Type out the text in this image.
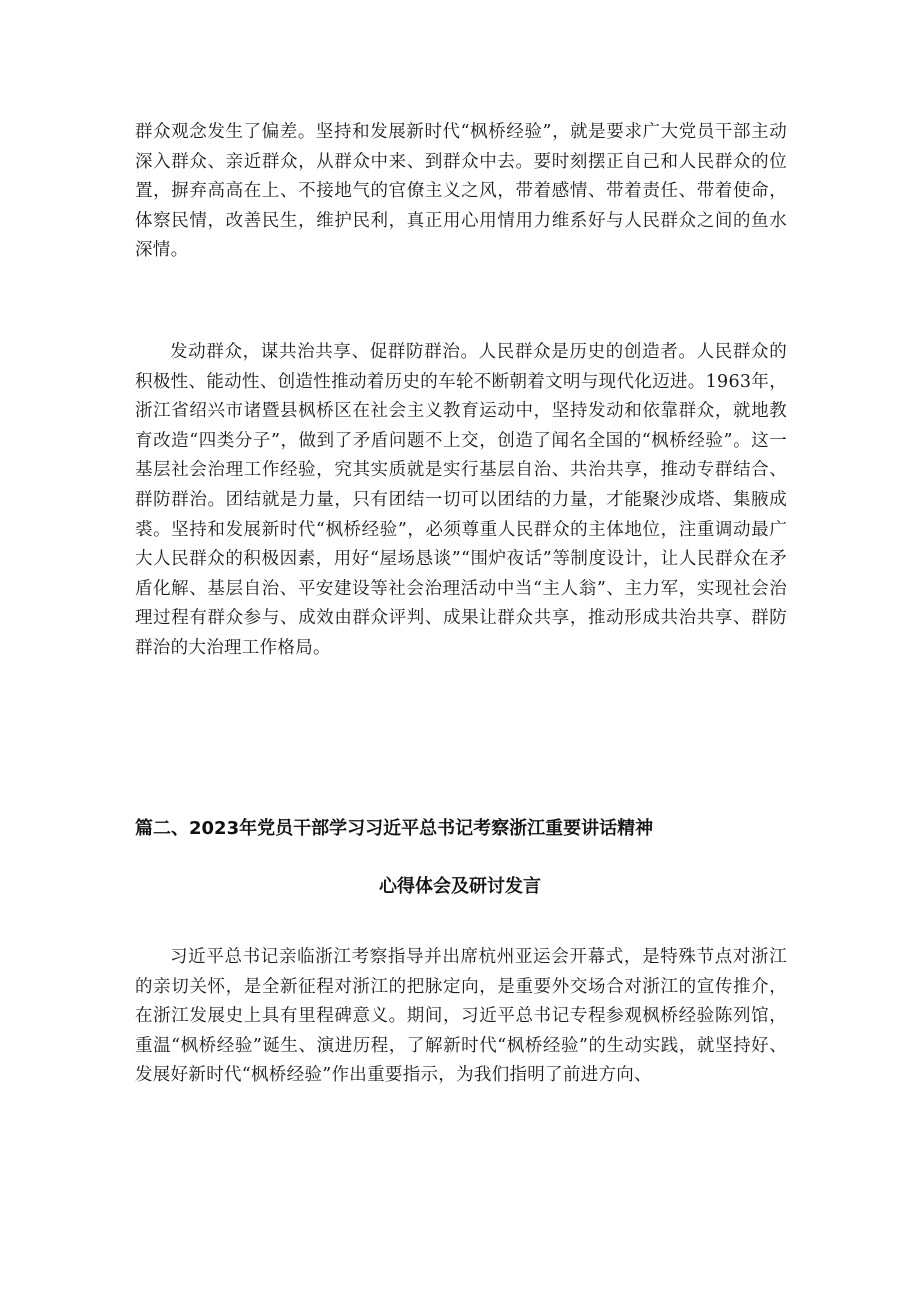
群众观念发生了偏差。坚持和发展新时代“枫桥经验”，就是要求广大党员干部主动深入群众、亲近群众，从群众中来、到群众中去。要时刻摆正自己和人民群众的位置，摒弃高高在上、不接地气的官僚主义之风，带着感情、带着责任、带着使命，体察民情，改善民生，维护民利，真正用心用情用力维系好与人民群众之间的鱼水深情。

发动群众，谋共治共享、促群防群治。人民群众是历史的创造者。人民群众的积极性、能动性、创造性推动着历史的车轮不断朝着文明与现代化迈进。1963年，浙江省绍兴市诸暨县枫桥区在社会主义教育运动中，坚持发动和依靠群众，就地教育改造“四类分子”，做到了矛盾问题不上交，创造了闻名全国的“枫桥经验”。这一基层社会治理工作经验，究其实质就是实行基层自治、共治共享，推动专群结合、群防群治。团结就是力量，只有团结一切可以团结的力量，才能聚沙成塔、集腋成裘。坚持和发展新时代“枫桥经验”，必须尊重人民群众的主体地位，注重调动最广大人民群众的积极因素，用好“屋场恳谈”“围炉夜话”等制度设计，让人民群众在矛盾化解、基层自治、平安建设等社会治理活动中当“主人翁”、主力军，实现社会治理过程有群众参与、成效由群众评判、成果让群众共享，推动形成共治共享、群防群治的大治理工作格局。

篇二、2023年党员干部学习习近平总书记考察浙江重要讲话精神
心得体会及研讨发言

习近平总书记亲临浙江考察指导并出席杭州亚运会开幕式，是特殊节点对浙江的亲切关怀，是全新征程对浙江的把脉定向，是重要外交场合对浙江的宣传推介，在浙江发展史上具有里程碑意义。期间，习近平总书记专程参观枫桥经验陈列馆，重温“枫桥经验”诞生、演进历程，了解新时代“枫桥经验”的生动实践，就坚持好、发展好新时代“枫桥经验”作出重要指示，为我们指明了前进方向、
